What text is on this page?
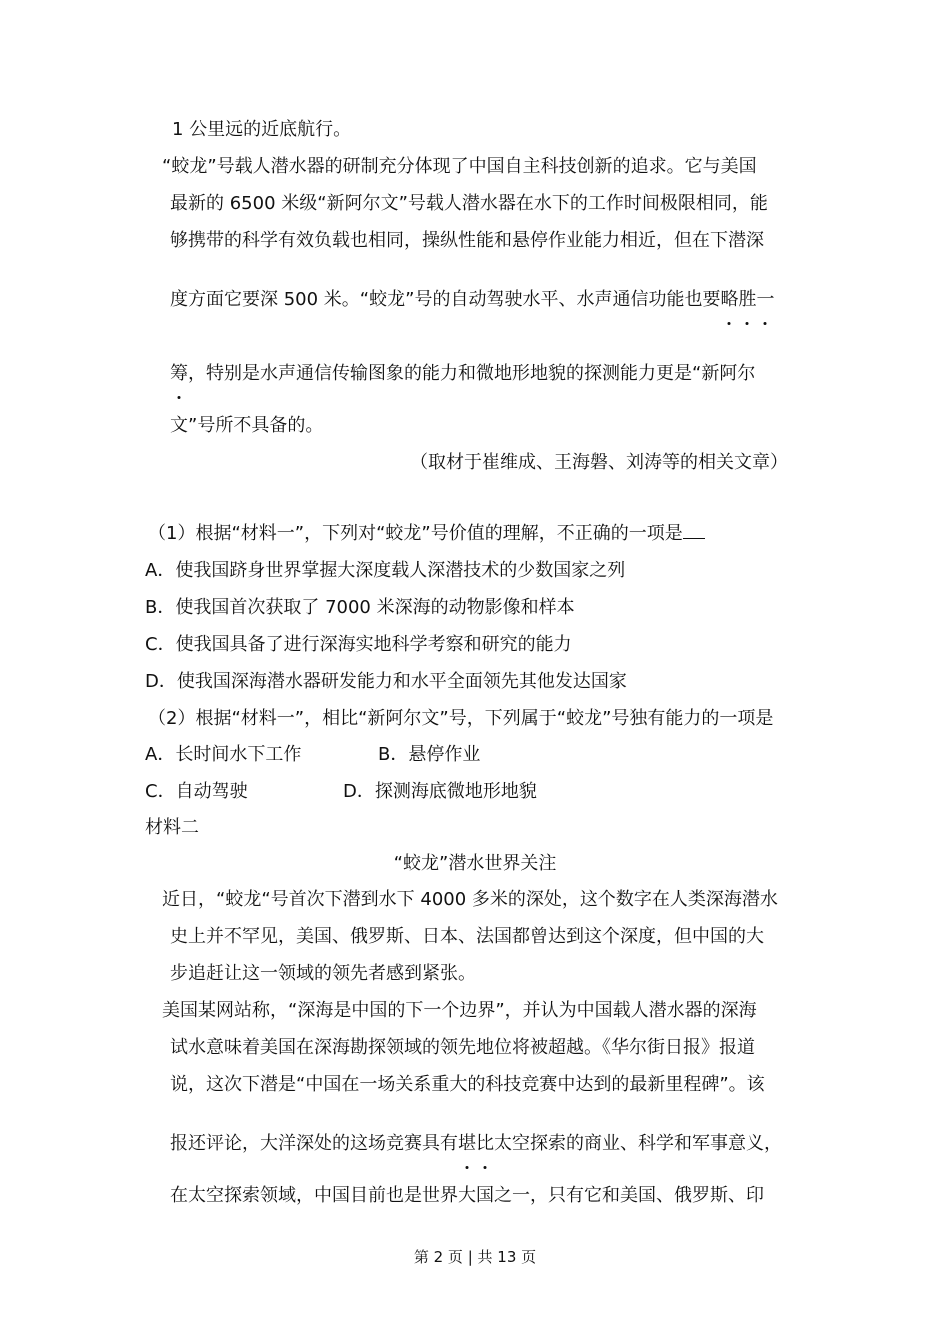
1 公里远的近底航行。
“蛟龙”号载人潜水器的研制充分体现了中国自主科技创新的追求。它与美国
最新的 6500 米级“新阿尔文”号载人潜水器在水下的工作时间极限相同，能
够携带的科学有效负载也相同，操纵性能和悬停作业能力相近，但在下潜深
度方面它要深 500 米。“蛟龙”号的自动驾驶水平、水声通信功能也要略胜一
筹，特别是水声通信传输图象的能力和微地形地貌的探测能力更是“新阿尔
文”号所不具备的。
（取材于崔维成、王海磐、刘涛等的相关文章）
（1）根据“材料一”，下列对“蛟龙”号价值的理解，不正确的一项是
A．使我国跻身世界掌握大深度载人深潜技术的少数国家之列
B．使我国首次获取了 7000 米深海的动物影像和样本
C．使我国具备了进行深海实地科学考察和研究的能力
D．使我国深海潜水器研发能力和水平全面领先其他发达国家
（2）根据“材料一”，相比“新阿尔文”号，下列属于“蛟龙”号独有能力的一项是
A．长时间水下工作	B．悬停作业
C．自动驾驶	D．探测海底微地形地貌
材料二
“蛟龙”潜水世界关注
近日，“蛟龙“号首次下潜到水下 4000 多米的深处，这个数字在人类深海潜水
史上并不罕见，美国、俄罗斯、日本、法国都曾达到这个深度，但中国的大
步追赶让这一领域的领先者感到紧张。
美国某网站称，“深海是中国的下一个边界”，并认为中国载人潜水器的深海
试水意味着美国在深海勘探领域的领先地位将被超越。《华尔街日报》报道
说，这次下潜是“中国在一场关系重大的科技竞赛中达到的最新里程碑”。该
报还评论，大洋深处的这场竞赛具有堪比太空探索的商业、科学和军事意义，
在太空探索领域，中国目前也是世界大国之一，只有它和美国、俄罗斯、印
第 2 页 | 共 13 页
